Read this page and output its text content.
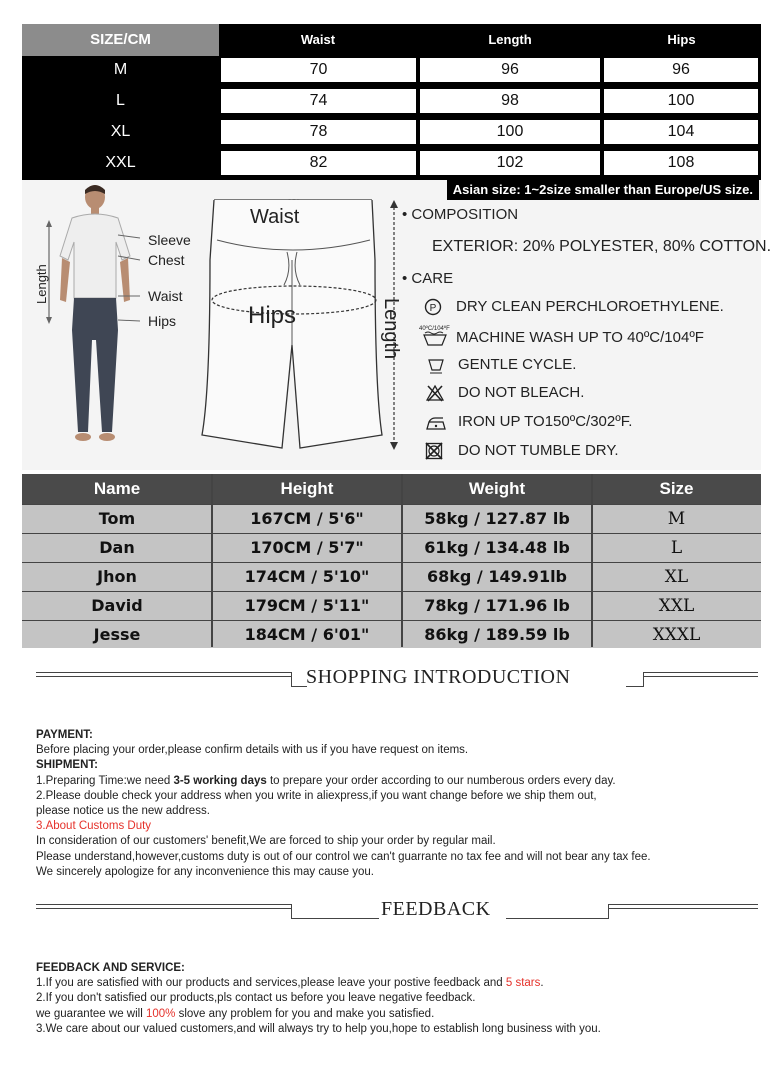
SIZE/CM	Waist	Length	Hips
M	70	96	96
L	74	98	100
XL	78	100	104
XXL	82	102	108
Asian size: 1~2size smaller than Europe/US size.
Length
Sleeve
Chest
Waist
Hips
Waist
Hips	Length
• COMPOSITION
EXTERIOR: 20% POLYESTER, 80% COTTON.
• CARE
P DRY CLEAN PERCHLOROETHYLENE.
40ºC/104ºF MACHINE WASH UP TO 40ºC/104ºF
GENTLE CYCLE.
DO NOT BLEACH.
IRON UP TO150ºC/302ºF.
DO NOT TUMBLE DRY.
Name	Height	Weight	Size
Tom	167CM / 5'6"	58kg / 127.87 lb	M
Dan	170CM / 5'7"	61kg / 134.48 lb	L
Jhon	174CM / 5'10"	68kg / 149.91lb	XL
David	179CM / 5'11"	78kg / 171.96 lb	XXL
Jesse	184CM / 6'01"	86kg / 189.59 lb	XXXL
SHOPPING INTRODUCTION
PAYMENT:
Before placing your order,please confirm details with us if you have request on items.
SHIPMENT:
1.Preparing Time:we need 3-5 working days to prepare your order according to our numberous orders every day.
2.Please double check your address when you write in aliexpress,if you want change before we ship them out,
please notice us the new address.
3.About Customs Duty
In consideration of our customers' benefit,We are forced to ship your order by regular mail.
Please understand,however,customs duty is out of our control we can't guarrante no tax fee and will not bear any tax fee.
We sincerely apologize for any inconvenience this may cause you.
FEEDBACK
FEEDBACK AND SERVICE:
1.If you are satisfied with our products and services,please leave your postive feedback and 5 stars.
2.If you don't satisfied our products,pls contact us before you leave negative feedback.
we guarantee we will 100% slove any problem for you and make you satisfied.
3.We care about our valued customers,and will always try to help you,hope to establish long business with you.
